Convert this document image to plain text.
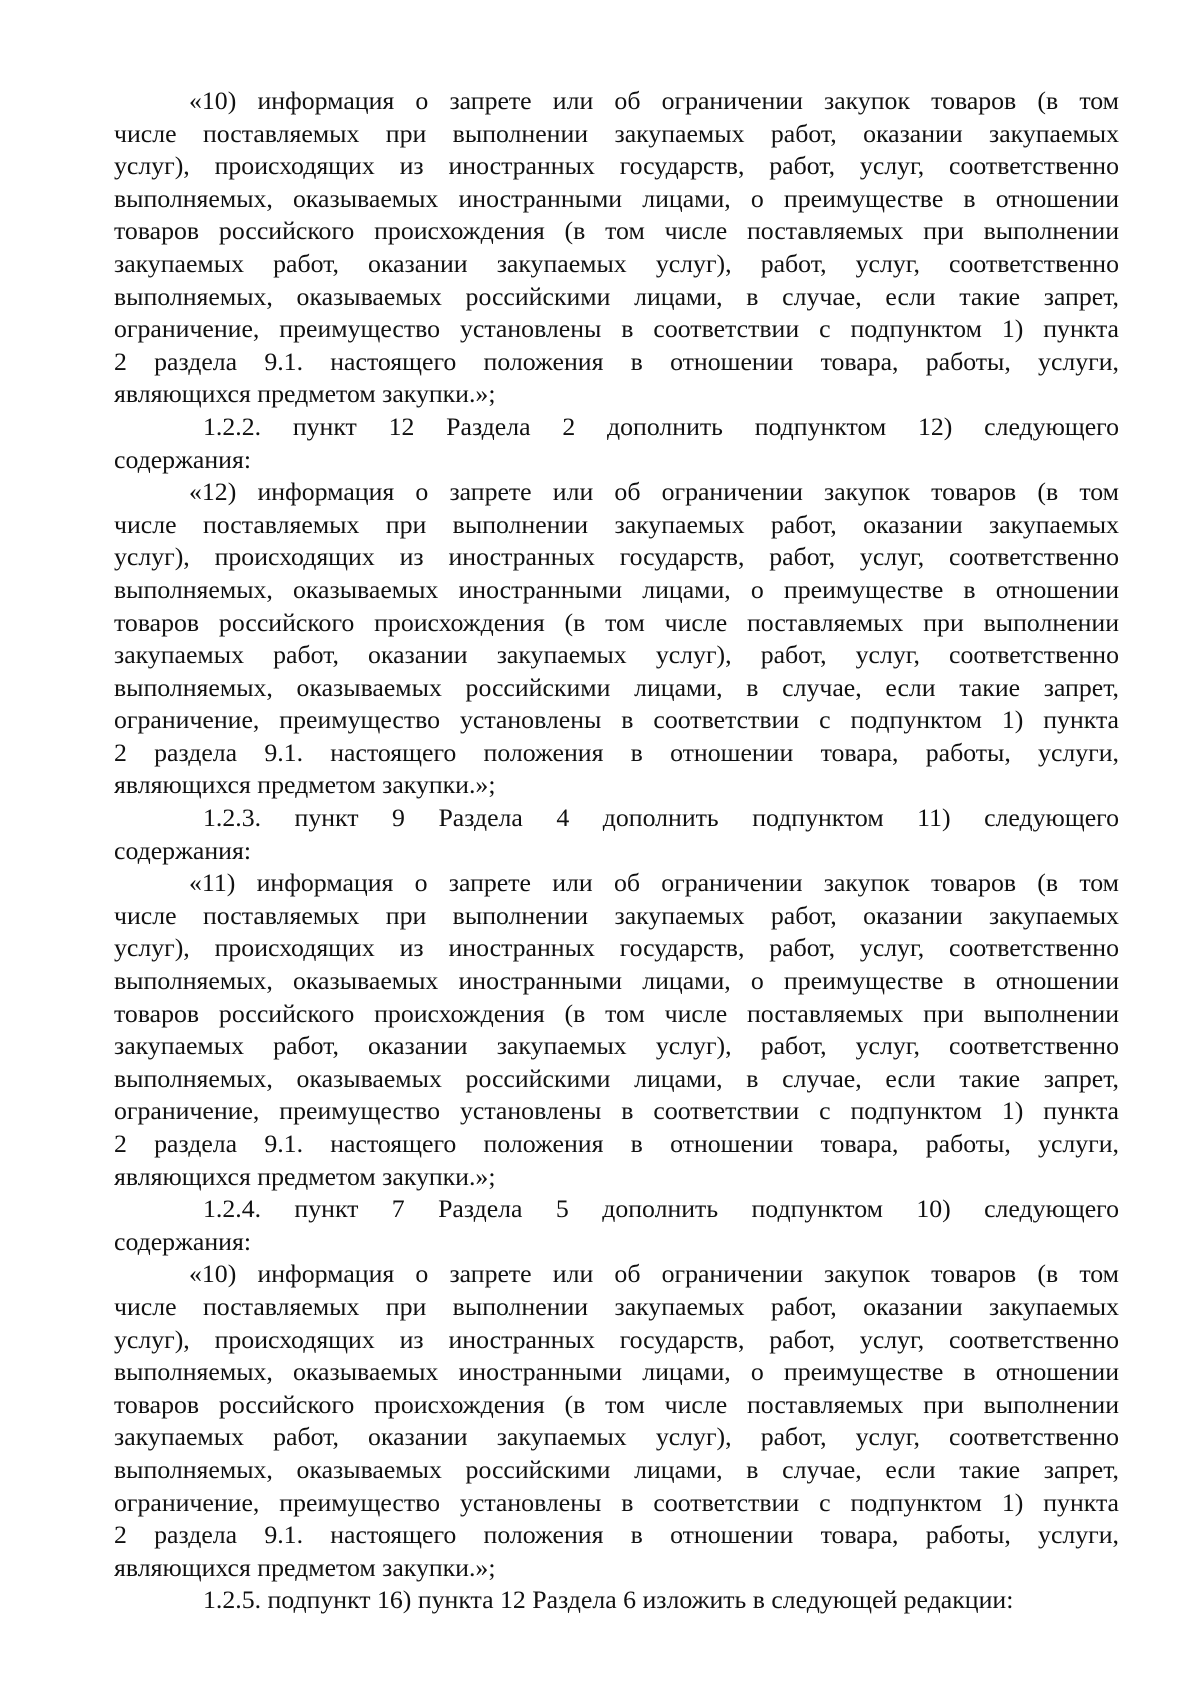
«10) информация о запрете или об ограничении закупок товаров (в том
числе поставляемых при выполнении закупаемых работ, оказании закупаемых
услуг), происходящих из иностранных государств, работ, услуг, соответственно
выполняемых, оказываемых иностранными лицами, о преимуществе в отношении
товаров российского происхождения (в том числе поставляемых при выполнении
закупаемых работ, оказании закупаемых услуг), работ, услуг, соответственно
выполняемых, оказываемых российскими лицами, в случае, если такие запрет,
ограничение, преимущество установлены в соответствии с подпунктом 1) пункта
2 раздела 9.1. настоящего положения в отношении товара, работы, услуги,
являющихся предметом закупки.»;
1.2.2. пункт 12 Раздела 2 дополнить подпунктом 12) следующего
содержания:
«12) информация о запрете или об ограничении закупок товаров (в том
числе поставляемых при выполнении закупаемых работ, оказании закупаемых
услуг), происходящих из иностранных государств, работ, услуг, соответственно
выполняемых, оказываемых иностранными лицами, о преимуществе в отношении
товаров российского происхождения (в том числе поставляемых при выполнении
закупаемых работ, оказании закупаемых услуг), работ, услуг, соответственно
выполняемых, оказываемых российскими лицами, в случае, если такие запрет,
ограничение, преимущество установлены в соответствии с подпунктом 1) пункта
2 раздела 9.1. настоящего положения в отношении товара, работы, услуги,
являющихся предметом закупки.»;
1.2.3. пункт 9 Раздела 4 дополнить подпунктом 11) следующего
содержания:
«11) информация о запрете или об ограничении закупок товаров (в том
числе поставляемых при выполнении закупаемых работ, оказании закупаемых
услуг), происходящих из иностранных государств, работ, услуг, соответственно
выполняемых, оказываемых иностранными лицами, о преимуществе в отношении
товаров российского происхождения (в том числе поставляемых при выполнении
закупаемых работ, оказании закупаемых услуг), работ, услуг, соответственно
выполняемых, оказываемых российскими лицами, в случае, если такие запрет,
ограничение, преимущество установлены в соответствии с подпунктом 1) пункта
2 раздела 9.1. настоящего положения в отношении товара, работы, услуги,
являющихся предметом закупки.»;
1.2.4. пункт 7 Раздела 5 дополнить подпунктом 10) следующего
содержания:
«10) информация о запрете или об ограничении закупок товаров (в том
числе поставляемых при выполнении закупаемых работ, оказании закупаемых
услуг), происходящих из иностранных государств, работ, услуг, соответственно
выполняемых, оказываемых иностранными лицами, о преимуществе в отношении
товаров российского происхождения (в том числе поставляемых при выполнении
закупаемых работ, оказании закупаемых услуг), работ, услуг, соответственно
выполняемых, оказываемых российскими лицами, в случае, если такие запрет,
ограничение, преимущество установлены в соответствии с подпунктом 1) пункта
2 раздела 9.1. настоящего положения в отношении товара, работы, услуги,
являющихся предметом закупки.»;
1.2.5. подпункт 16) пункта 12 Раздела 6 изложить в следующей редакции:
